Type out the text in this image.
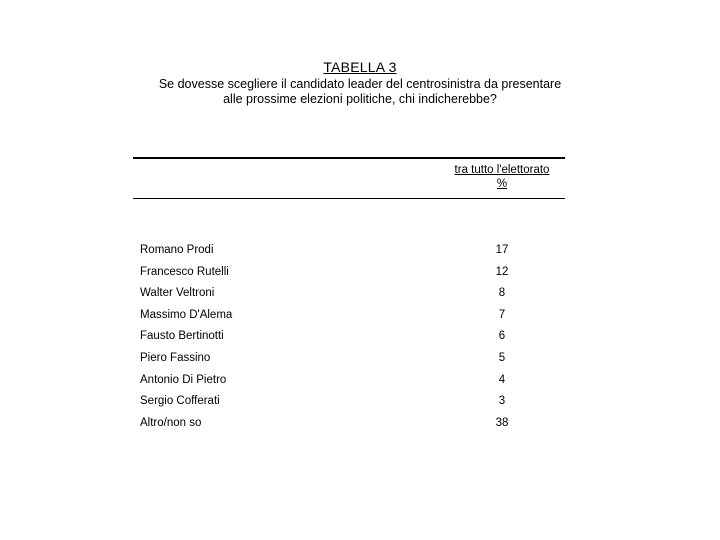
TABELLA 3
Se dovesse scegliere il candidato leader del centrosinistra da presentare
alle prossime elezioni politiche, chi indicherebbe?
tra tutto l'elettorato
%
Romano Prodi	17
Francesco Rutelli	12
Walter Veltroni	8
Massimo D'Alema	7
Fausto Bertinotti	6
Piero Fassino	5
Antonio Di Pietro	4
Sergio Cofferati	3
Altro/non so	38
